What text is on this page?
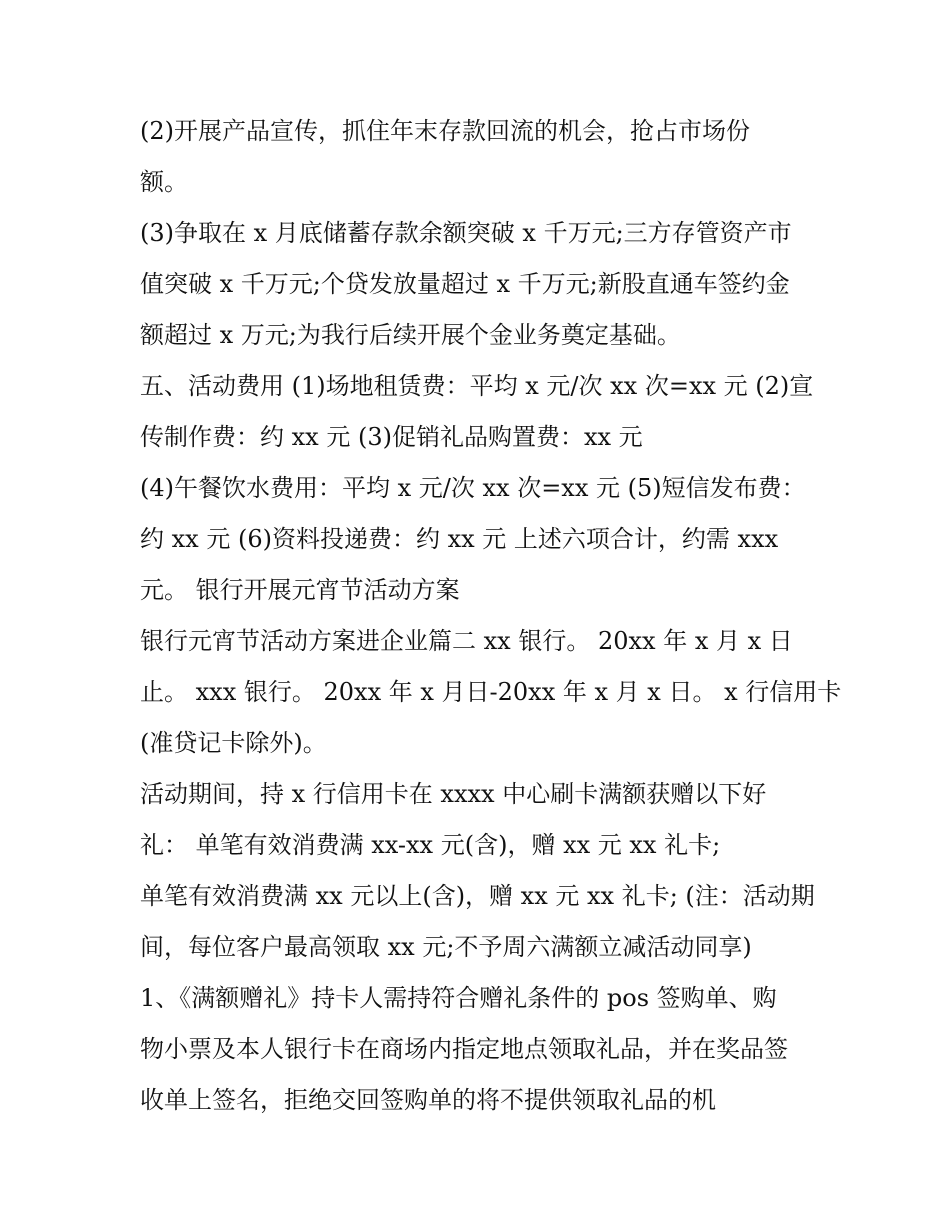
(2)开展产品宣传，抓住年末存款回流的机会，抢占市场份
额。
(3)争取在 x 月底储蓄存款余额突破 x 千万元;三方存管资产市
值突破 x 千万元;个贷发放量超过 x 千万元;新股直通车签约金
额超过 x 万元;为我行后续开展个金业务奠定基础。
五、活动费用 (1)场地租赁费：平均 x 元/次 xx 次=xx 元 (2)宣
传制作费：约 xx 元 (3)促销礼品购置费：xx 元
(4)午餐饮水费用：平均 x 元/次 xx 次=xx 元 (5)短信发布费：
约 xx 元 (6)资料投递费：约 xx 元 上述六项合计，约需 xxx
元。 银行开展元宵节活动方案
银行元宵节活动方案进企业篇二 xx 银行。 20xx 年 x 月 x 日
止。 xxx 银行。 20xx 年 x 月日-20xx 年 x 月 x 日。 x 行信用卡
(准贷记卡除外)。
活动期间，持 x 行信用卡在 xxxx 中心刷卡满额获赠以下好
礼： 单笔有效消费满 xx-xx 元(含)，赠 xx 元 xx 礼卡;
单笔有效消费满 xx 元以上(含)，赠 xx 元 xx 礼卡; (注：活动期
间，每位客户最高领取 xx 元;不予周六满额立减活动同享)
1、《满额赠礼》持卡人需持符合赠礼条件的 pos 签购单、购
物小票及本人银行卡在商场内指定地点领取礼品，并在奖品签
收单上签名，拒绝交回签购单的将不提供领取礼品的机
